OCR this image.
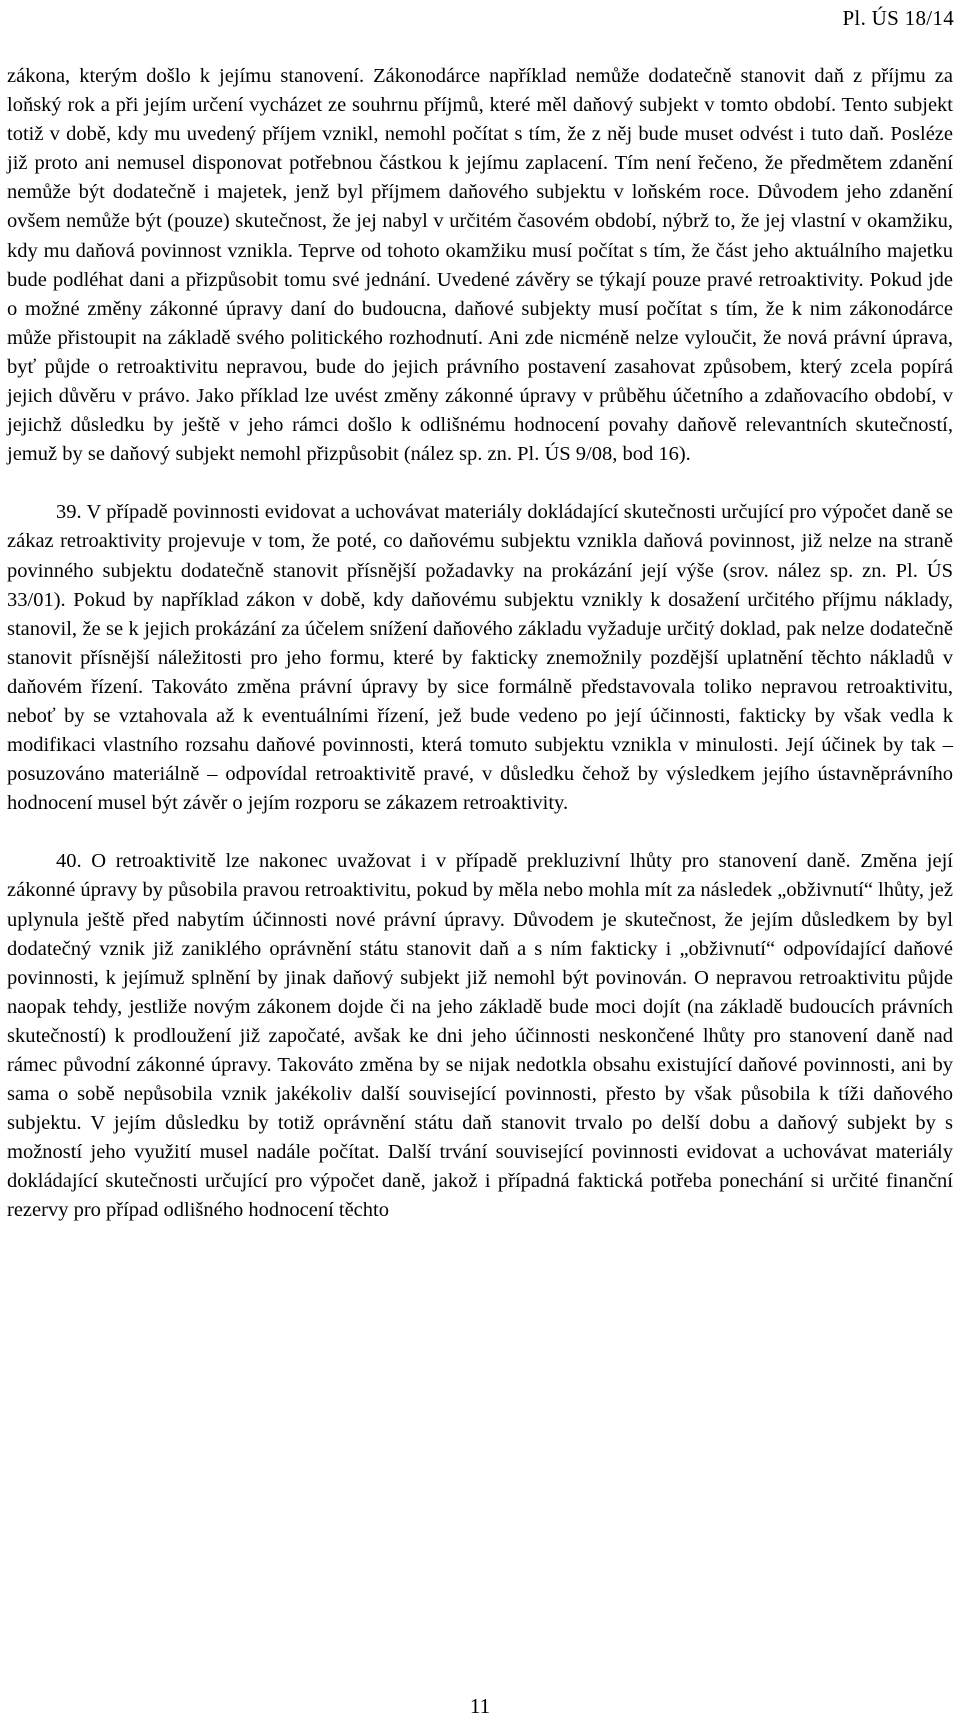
Pl. ÚS 18/14

zákona, kterým došlo k jejímu stanovení. Zákonodárce například nemůže dodatečně stanovit daň z příjmu za loňský rok a při jejím určení vycházet ze souhrnu příjmů, které měl daňový subjekt v tomto období. Tento subjekt totiž v době, kdy mu uvedený příjem vznikl, nemohl počítat s tím, že z něj bude muset odvést i tuto daň. Posléze již proto ani nemusel disponovat potřebnou částkou k jejímu zaplacení. Tím není řečeno, že předmětem zdanění nemůže být dodatečně i majetek, jenž byl příjmem daňového subjektu v loňském roce. Důvodem jeho zdanění ovšem nemůže být (pouze) skutečnost, že jej nabyl v určitém časovém období, nýbrž to, že jej vlastní v okamžiku, kdy mu daňová povinnost vznikla. Teprve od tohoto okamžiku musí počítat s tím, že část jeho aktuálního majetku bude podléhat dani a přizpůsobit tomu své jednání. Uvedené závěry se týkají pouze pravé retroaktivity. Pokud jde o možné změny zákonné úpravy daní do budoucna, daňové subjekty musí počítat s tím, že k nim zákonodárce může přistoupit na základě svého politického rozhodnutí. Ani zde nicméně nelze vyloučit, že nová právní úprava, byť půjde o retroaktivitu nepravou, bude do jejich právního postavení zasahovat způsobem, který zcela popírá jejich důvěru v právo. Jako příklad lze uvést změny zákonné úpravy v průběhu účetního a zdaňovacího období, v jejichž důsledku by ještě v jeho rámci došlo k odlišnému hodnocení povahy daňově relevantních skutečností, jemuž by se daňový subjekt nemohl přizpůsobit (nález sp. zn. Pl. ÚS 9/08, bod 16).

39. V případě povinnosti evidovat a uchovávat materiály dokládající skutečnosti určující pro výpočet daně se zákaz retroaktivity projevuje v tom, že poté, co daňovému subjektu vznikla daňová povinnost, již nelze na straně povinného subjektu dodatečně stanovit přísnější požadavky na prokázání její výše (srov. nález sp. zn. Pl. ÚS 33/01). Pokud by například zákon v době, kdy daňovému subjektu vznikly k dosažení určitého příjmu náklady, stanovil, že se k jejich prokázání za účelem snížení daňového základu vyžaduje určitý doklad, pak nelze dodatečně stanovit přísnější náležitosti pro jeho formu, které by fakticky znemožnily pozdější uplatnění těchto nákladů v daňovém řízení. Takováto změna právní úpravy by sice formálně představovala toliko nepravou retroaktivitu, neboť by se vztahovala až k eventuálními řízení, jež bude vedeno po její účinnosti, fakticky by však vedla k modifikaci vlastního rozsahu daňové povinnosti, která tomuto subjektu vznikla v minulosti. Její účinek by tak – posuzováno materiálně – odpovídal retroaktivitě pravé, v důsledku čehož by výsledkem jejího ústavněprávního hodnocení musel být závěr o jejím rozporu se zákazem retroaktivity.

40. O retroaktivitě lze nakonec uvažovat i v případě prekluzivní lhůty pro stanovení daně. Změna její zákonné úpravy by působila pravou retroaktivitu, pokud by měla nebo mohla mít za následek „obživnutí“ lhůty, jež uplynula ještě před nabytím účinnosti nové právní úpravy. Důvodem je skutečnost, že jejím důsledkem by byl dodatečný vznik již zaniklého oprávnění státu stanovit daň a s ním fakticky i „obživnutí“ odpovídající daňové povinnosti, k jejímuž splnění by jinak daňový subjekt již nemohl být povinován. O nepravou retroaktivitu půjde naopak tehdy, jestliže novým zákonem dojde či na jeho základě bude moci dojít (na základě budoucích právních skutečností) k prodloužení již započaté, avšak ke dni jeho účinnosti neskončené lhůty pro stanovení daně nad rámec původní zákonné úpravy. Takováto změna by se nijak nedotkla obsahu existující daňové povinnosti, ani by sama o sobě nepůsobila vznik jakékoliv další související povinnosti, přesto by však působila k tíži daňového subjektu. V jejím důsledku by totiž oprávnění státu daň stanovit trvalo po delší dobu a daňový subjekt by s možností jeho využití musel nadále počítat. Další trvání související povinnosti evidovat a uchovávat materiály dokládající skutečnosti určující pro výpočet daně, jakož i případná faktická potřeba ponechání si určité finanční rezervy pro případ odlišného hodnocení těchto

11
